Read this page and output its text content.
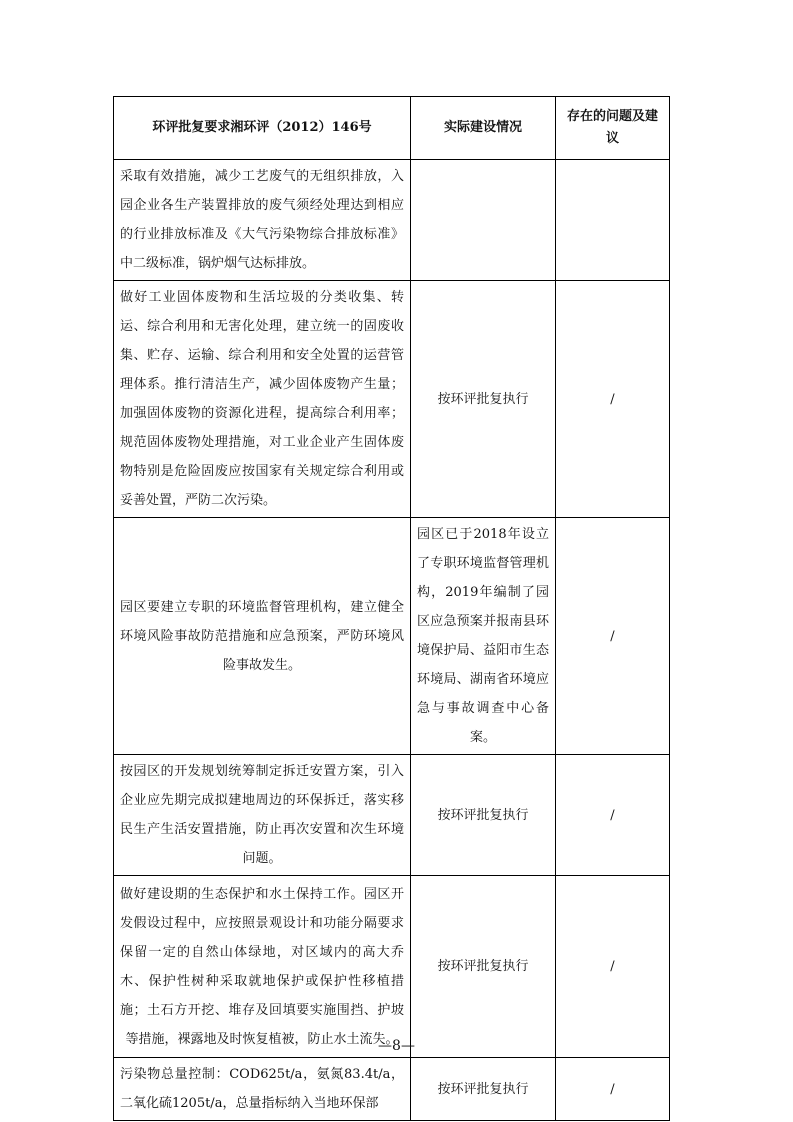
环评批复要求湘环评（2012）146号	实际建设情况	存在的问题及建议
采取有效措施，减少工艺废气的无组织排放，入园企业各生产装置排放的废气须经处理达到相应的行业排放标准及《大气污染物综合排放标准》中二级标准，锅炉烟气达标排放。		
做好工业固体废物和生活垃圾的分类收集、转运、综合利用和无害化处理，建立统一的固废收集、贮存、运输、综合利用和安全处置的运营管理体系。推行清洁生产，减少固体废物产生量；加强固体废物的资源化进程，提高综合利用率；规范固体废物处理措施，对工业企业产生固体废物特别是危险固废应按国家有关规定综合利用或妥善处置，严防二次污染。	按环评批复执行	/
园区要建立专职的环境监督管理机构，建立健全环境风险事故防范措施和应急预案，严防环境风险事故发生。	园区已于2018年设立了专职环境监督管理机构，2019年编制了园区应急预案并报南县环境保护局、益阳市生态环境局、湖南省环境应急与事故调查中心备案。	/
按园区的开发规划统筹制定拆迁安置方案，引入企业应先期完成拟建地周边的环保拆迁，落实移民生产生活安置措施，防止再次安置和次生环境问题。	按环评批复执行	/
做好建设期的生态保护和水土保持工作。园区开发假设过程中，应按照景观设计和功能分隔要求保留一定的自然山体绿地，对区域内的高大乔木、保护性树种采取就地保护或保护性移植措施；土石方开挖、堆存及回填要实施围挡、护坡等措施，裸露地及时恢复植被，防止水土流失。	按环评批复执行	/
污染物总量控制：COD625t/a，氨氮83.4t/a，二氧化硫1205t/a，总量指标纳入当地环保部	按环评批复执行	/
—8—
